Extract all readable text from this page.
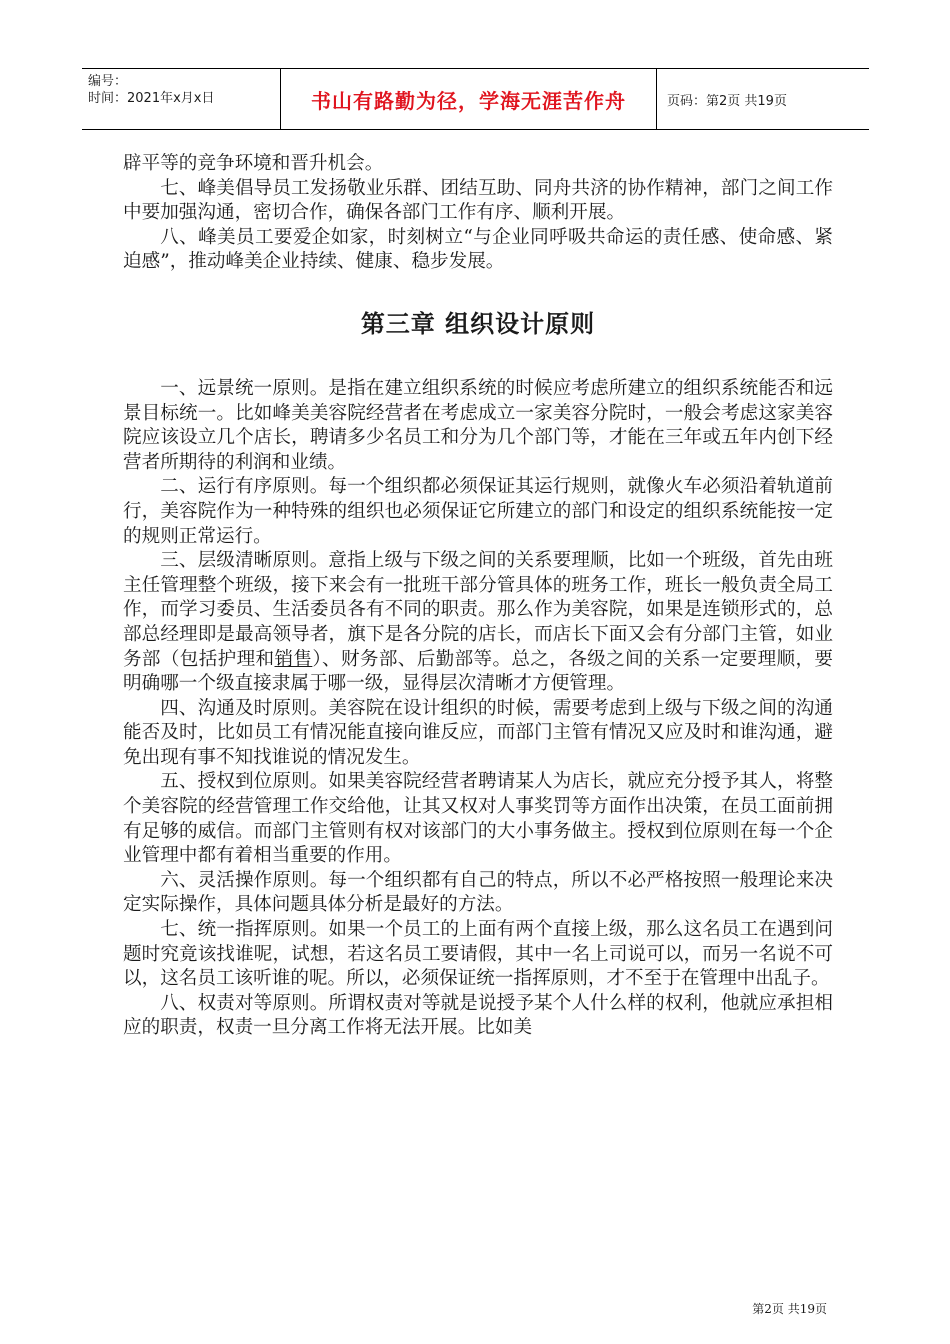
编号：
时间：2021年x月x日	书山有路勤为径，学海无涯苦作舟	页码：第2页 共19页

辟平等的竞争环境和晋升机会。

七、峰美倡导员工发扬敬业乐群、团结互助、同舟共济的协作精神，部门之间工作中要加强沟通，密切合作，确保各部门工作有序、顺利开展。

八、峰美员工要爱企如家，时刻树立“与企业同呼吸共命运的责任感、使命感、紧迫感”，推动峰美企业持续、健康、稳步发展。

第三章 组织设计原则

一、远景统一原则。是指在建立组织系统的时候应考虑所建立的组织系统能否和远景目标统一。比如峰美美容院经营者在考虑成立一家美容分院时，一般会考虑这家美容院应该设立几个店长，聘请多少名员工和分为几个部门等，才能在三年或五年内创下经营者所期待的利润和业绩。

二、运行有序原则。每一个组织都必须保证其运行规则，就像火车必须沿着轨道前行，美容院作为一种特殊的组织也必须保证它所建立的部门和设定的组织系统能按一定的规则正常运行。

三、层级清晰原则。意指上级与下级之间的关系要理顺，比如一个班级，首先由班主任管理整个班级，接下来会有一批班干部分管具体的班务工作，班长一般负责全局工作，而学习委员、生活委员各有不同的职责。那么作为美容院，如果是连锁形式的，总部总经理即是最高领导者，旗下是各分院的店长，而店长下面又会有分部门主管，如业务部（包括护理和销售）、财务部、后勤部等。总之，各级之间的关系一定要理顺，要明确哪一个级直接隶属于哪一级，显得层次清晰才方便管理。

四、沟通及时原则。美容院在设计组织的时候，需要考虑到上级与下级之间的沟通能否及时，比如员工有情况能直接向谁反应，而部门主管有情况又应及时和谁沟通，避免出现有事不知找谁说的情况发生。

五、授权到位原则。如果美容院经营者聘请某人为店长，就应充分授予其人，将整个美容院的经营管理工作交给他，让其又权对人事奖罚等方面作出决策，在员工面前拥有足够的威信。而部门主管则有权对该部门的大小事务做主。授权到位原则在每一个企业管理中都有着相当重要的作用。

六、灵活操作原则。每一个组织都有自己的特点，所以不必严格按照一般理论来决定实际操作，具体问题具体分析是最好的方法。

七、统一指挥原则。如果一个员工的上面有两个直接上级，那么这名员工在遇到问题时究竟该找谁呢，试想，若这名员工要请假，其中一名上司说可以，而另一名说不可以，这名员工该听谁的呢。所以，必须保证统一指挥原则，才不至于在管理中出乱子。

八、权责对等原则。所谓权责对等就是说授予某个人什么样的权利，他就应承担相应的职责，权责一旦分离工作将无法开展。比如美

第2页 共19页
